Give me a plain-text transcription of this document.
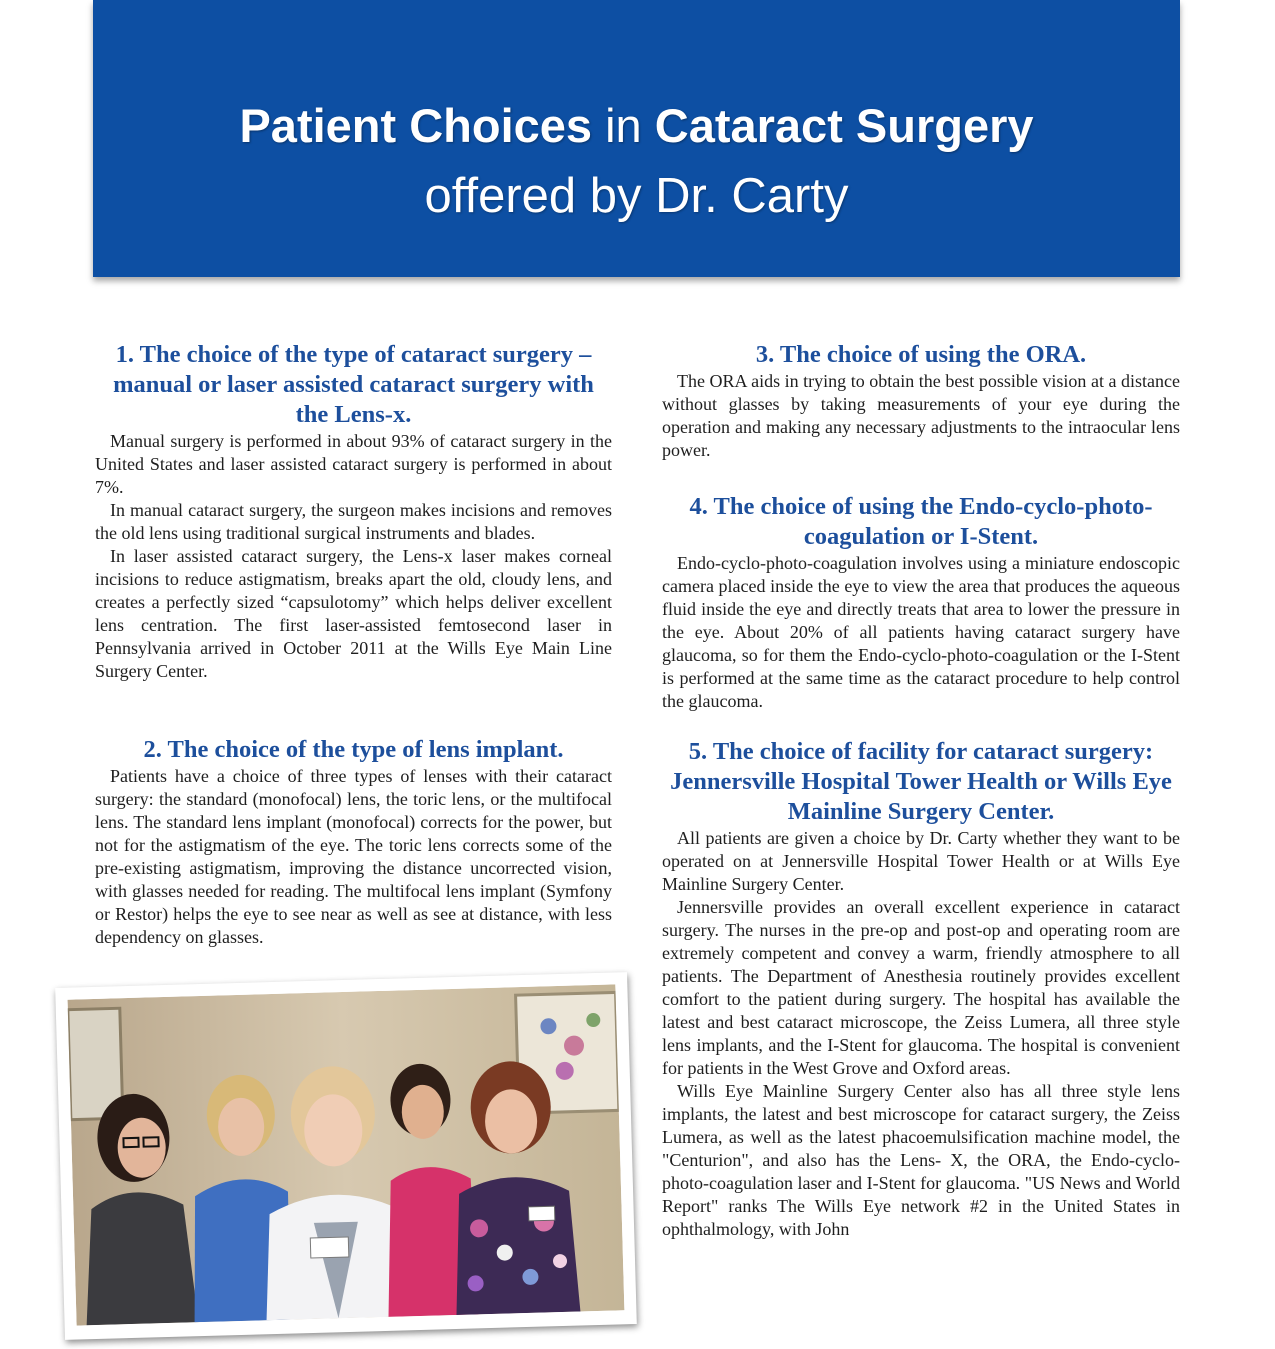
Patient Choices in Cataract Surgery
offered by Dr. Carty
1. The choice of the type of cataract surgery – manual or laser assisted cataract surgery with the Lens-x.

Manual surgery is performed in about 93% of cataract surgery in the United States and laser assisted cataract surgery is performed in about 7%.

In manual cataract surgery, the surgeon makes incisions and removes the old lens using traditional surgical instruments and blades.

In laser assisted cataract surgery, the Lens-x laser makes corneal incisions to reduce astigmatism, breaks apart the old, cloudy lens, and creates a perfectly sized “capsulotomy” which helps deliver excellent lens centration. The first laser-assisted femtosecond laser in Pennsylvania arrived in October 2011 at the Wills Eye Main Line Surgery Center.

2. The choice of the type of lens implant.

Patients have a choice of three types of lenses with their cataract surgery: the standard (monofocal) lens, the toric lens, or the multifocal lens. The standard lens implant (monofocal) corrects for the power, but not for the astigmatism of the eye. The toric lens corrects some of the pre-existing astigmatism, improving the distance uncorrected vision, with glasses needed for reading. The multifocal lens implant (Symfony or Restor) helps the eye to see near as well as see at distance, with less dependency on glasses.

3. The choice of using the ORA.

The ORA aids in trying to obtain the best possible vision at a distance without glasses by taking measurements of your eye during the operation and making any necessary adjustments to the intraocular lens power.

4. The choice of using the Endo-cyclo-photo-coagulation or I-Stent.

Endo-cyclo-photo-coagulation involves using a miniature endoscopic camera placed inside the eye to view the area that produces the aqueous fluid inside the eye and directly treats that area to lower the pressure in the eye. About 20% of all patients having cataract surgery have glaucoma, so for them the Endo-cyclo-photo-coagulation or the I-Stent is performed at the same time as the cataract procedure to help control the glaucoma.

5. The choice of facility for cataract surgery: Jennersville Hospital Tower Health or Wills Eye Mainline Surgery Center.

All patients are given a choice by Dr. Carty whether they want to be operated on at Jennersville Hospital Tower Health or at Wills Eye Mainline Surgery Center.

Jennersville provides an overall excellent experience in cataract surgery. The nurses in the pre-op and post-op and operating room are extremely competent and convey a warm, friendly atmosphere to all patients. The Department of Anesthesia routinely provides excellent comfort to the patient during surgery. The hospital has available the latest and best cataract microscope, the Zeiss Lumera, all three style lens implants, and the I-Stent for glaucoma. The hospital is convenient for patients in the West Grove and Oxford areas.

Wills Eye Mainline Surgery Center also has all three style lens implants, the latest and best microscope for cataract surgery, the Zeiss Lumera, as well as the latest phacoemulsification machine model, the "Centurion", and also has the Lens- X, the ORA, the Endo-cyclo-photo-coagulation laser and I-Stent for glaucoma. "US News and World Report" ranks The Wills Eye network #2 in the United States in ophthalmology, with John
